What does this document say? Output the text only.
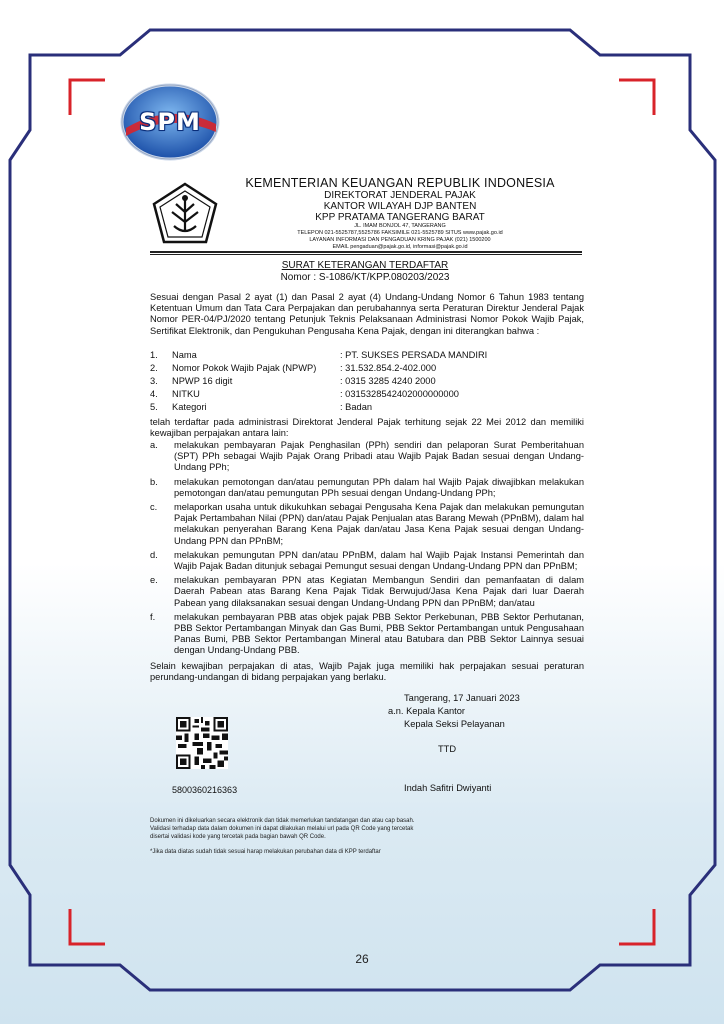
SPM
KEMENTERIAN KEUANGAN REPUBLIK INDONESIA
DIREKTORAT JENDERAL PAJAK
KANTOR WILAYAH DJP BANTEN
KPP PRATAMA TANGERANG BARAT
JL. IMAM BONJOL 47, TANGERANG
TELEPON 021-5525787,5525786 FAKSIMILE 021-5525789 SITUS www.pajak.go.id
LAYANAN INFORMASI DAN PENGADUAN KRING PAJAK (021) 1500200
EMAIL pengaduan@pajak.go.id, informasi@pajak.go.id
SURAT KETERANGAN TERDAFTAR
Nomor : S-1086/KT/KPP.080203/2023
Sesuai dengan Pasal 2 ayat (1) dan Pasal 2 ayat (4) Undang-Undang Nomor 6 Tahun 1983 tentang Ketentuan Umum dan Tata Cara Perpajakan dan perubahannya serta Peraturan Direktur Jenderal Pajak Nomor PER-04/PJ/2020 tentang Petunjuk Teknis Pelaksanaan Administrasi Nomor Pokok Wajib Pajak, Sertifikat Elektronik, dan Pengukuhan Pengusaha Kena Pajak, dengan ini diterangkan bahwa :
1.	Nama	: PT. SUKSES PERSADA MANDIRI
2.	Nomor Pokok Wajib Pajak (NPWP)	: 31.532.854.2-402.000
3.	NPWP 16 digit	: 0315 3285 4240 2000
4.	NITKU	: 0315328542402000000000
5.	Kategori	: Badan
telah terdaftar pada administrasi Direktorat Jenderal Pajak terhitung sejak 22 Mei 2012 dan memiliki kewajiban perpajakan antara lain:
a.	melakukan pembayaran Pajak Penghasilan (PPh) sendiri dan pelaporan Surat Pemberitahuan (SPT) PPh sebagai Wajib Pajak Orang Pribadi atau Wajib Pajak Badan sesuai dengan Undang-Undang PPh;
b.	melakukan pemotongan dan/atau pemungutan PPh dalam hal Wajib Pajak diwajibkan melakukan pemotongan dan/atau pemungutan PPh sesuai dengan Undang-Undang PPh;
c.	melaporkan usaha untuk dikukuhkan sebagai Pengusaha Kena Pajak dan melakukan pemungutan Pajak Pertambahan Nilai (PPN) dan/atau Pajak Penjualan atas Barang Mewah (PPnBM), dalam hal melakukan penyerahan Barang Kena Pajak dan/atau Jasa Kena Pajak sesuai dengan Undang-Undang PPN dan PPnBM;
d.	melakukan pemungutan PPN dan/atau PPnBM, dalam hal Wajib Pajak Instansi Pemerintah dan Wajib Pajak Badan ditunjuk sebagai Pemungut sesuai dengan Undang-Undang PPN dan PPnBM;
e.	melakukan pembayaran PPN atas Kegiatan Membangun Sendiri dan pemanfaatan di dalam Daerah Pabean atas Barang Kena Pajak Tidak Berwujud/Jasa Kena Pajak dari luar Daerah Pabean yang dilaksanakan sesuai dengan Undang-Undang PPN dan PPnBM; dan/atau
f.	melakukan pembayaran PBB atas objek pajak PBB Sektor Perkebunan, PBB Sektor Perhutanan, PBB Sektor Pertambangan Minyak dan Gas Bumi, PBB Sektor Pertambangan untuk Pengusahaan Panas Bumi, PBB Sektor Pertambangan Mineral atau Batubara dan PBB Sektor Lainnya sesuai dengan Undang-Undang PBB.
Selain kewajiban perpajakan di atas, Wajib Pajak juga memiliki hak perpajakan sesuai peraturan perundang-undangan di bidang perpajakan yang berlaku.
Tangerang, 17 Januari 2023
a.n. Kepala Kantor
Kepala Seksi Pelayanan
TTD
Indah Safitri Dwiyanti
5800360216363
Dokumen ini dikeluarkan secara elektronik dan tidak memerlukan tandatangan dan atau cap basah.
Validasi terhadap data dalam dokumen ini dapat dilakukan melalui url pada QR Code yang tercetak
disertai validasi kode yang tercetak pada bagian bawah QR Code.
*Jika data diatas sudah tidak sesuai harap melakukan perubahan data di KPP terdaftar
26
